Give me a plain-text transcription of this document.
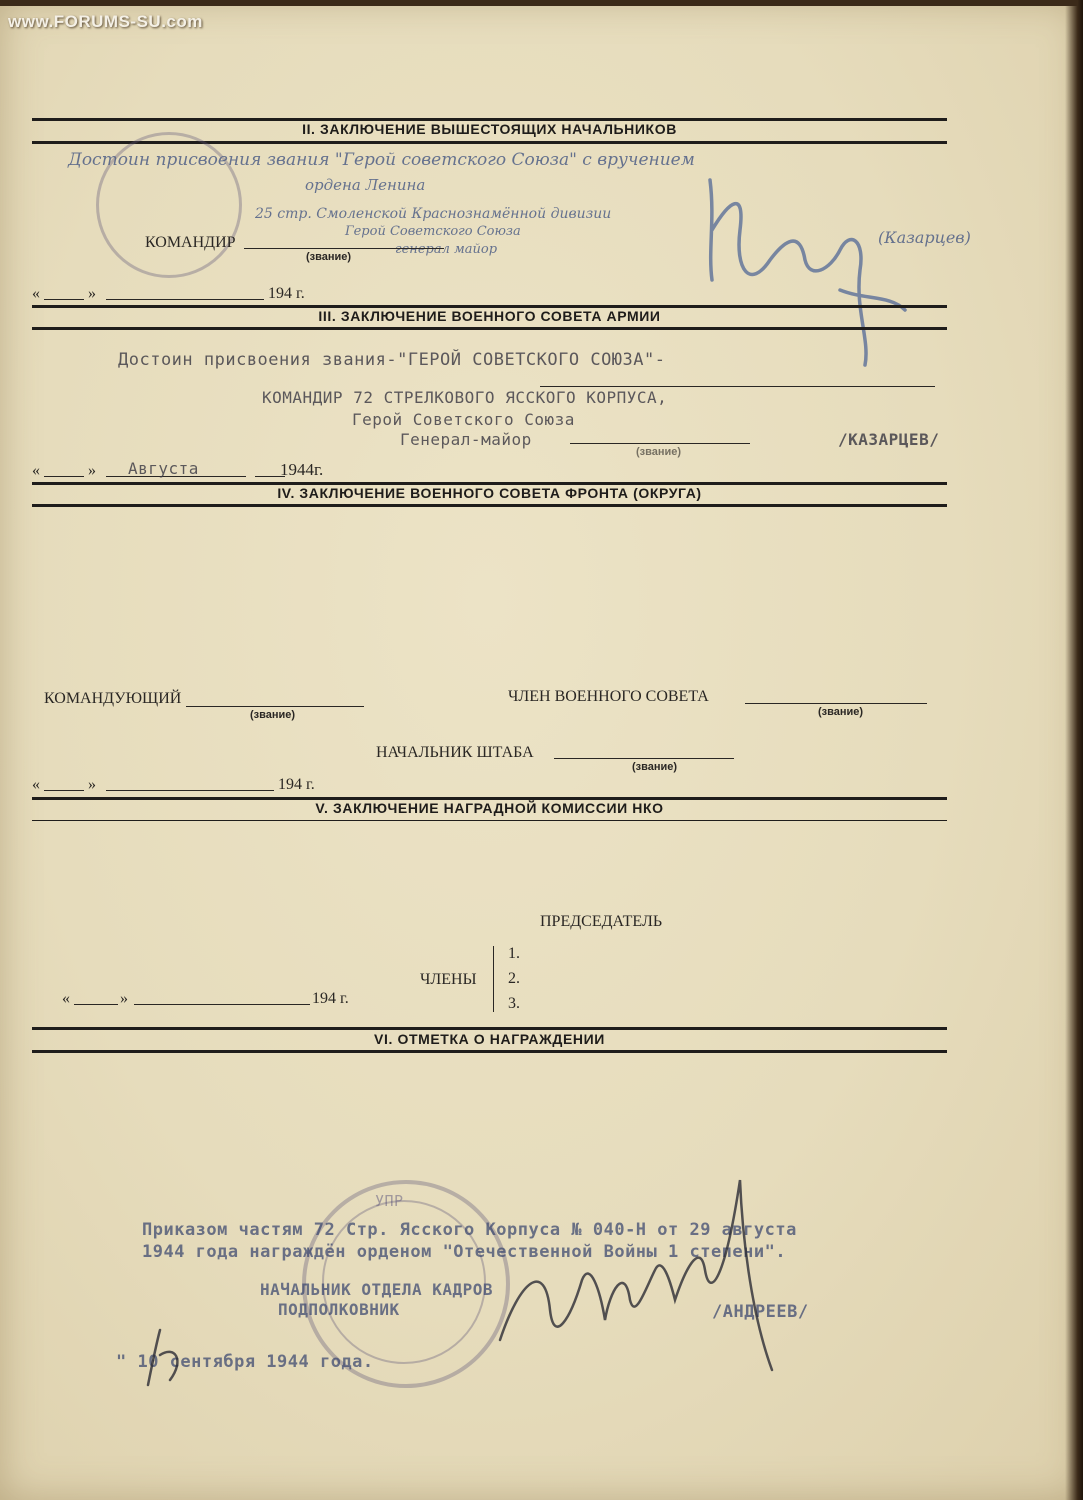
www.FORUMS-SU.com
II. ЗАКЛЮЧЕНИЕ ВЫШЕСТОЯЩИХ НАЧАЛЬНИКОВ
Достоин присвоения звания "Герой советского Союза" с вручением
ордена Ленина
25 стр. Смоленской Краснознамённой дивизии
Герой Советского Союза
генерал майор
(Казарцев)
КОМАНДИР
(звание)
«	»	194 г.
III. ЗАКЛЮЧЕНИЕ ВОЕННОГО СОВЕТА АРМИИ
Достоин присвоения звания-"ГЕРОЙ СОВЕТСКОГО СОЮЗА"-
КОМАНДИР 72 СТРЕЛКОВОГО ЯССКОГО КОРПУСА,
Герой Советского Союза
Генерал-майор
(звание)
/КАЗАРЦЕВ/
«	» Августа	1944г.
IV. ЗАКЛЮЧЕНИЕ ВОЕННОГО СОВЕТА ФРОНТА (ОКРУГА)
КОМАНДУЮЩИЙ
(звание)
ЧЛЕН ВОЕННОГО СОВЕТА
(звание)
НАЧАЛЬНИК ШТАБА
(звание)
«	»	194 г.
V. ЗАКЛЮЧЕНИЕ НАГРАДНОЙ КОМИССИИ НКО
ПРЕДСЕДАТЕЛЬ
ЧЛЕНЫ
1.
2.
3.
«	»	194 г.
VI. ОТМЕТКА О НАГРАЖДЕНИИ
УПР
Приказом частям 72 Стр. Ясского Корпуса № 040-Н от 29 августа
1944 года награждён орденом "Отечественной Войны 1 степени".
НАЧАЛЬНИК ОТДЕЛА КАДРОВ
ПОДПОЛКОВНИК	/АНДРЕЕВ/
" 10 сентября 1944 года.
